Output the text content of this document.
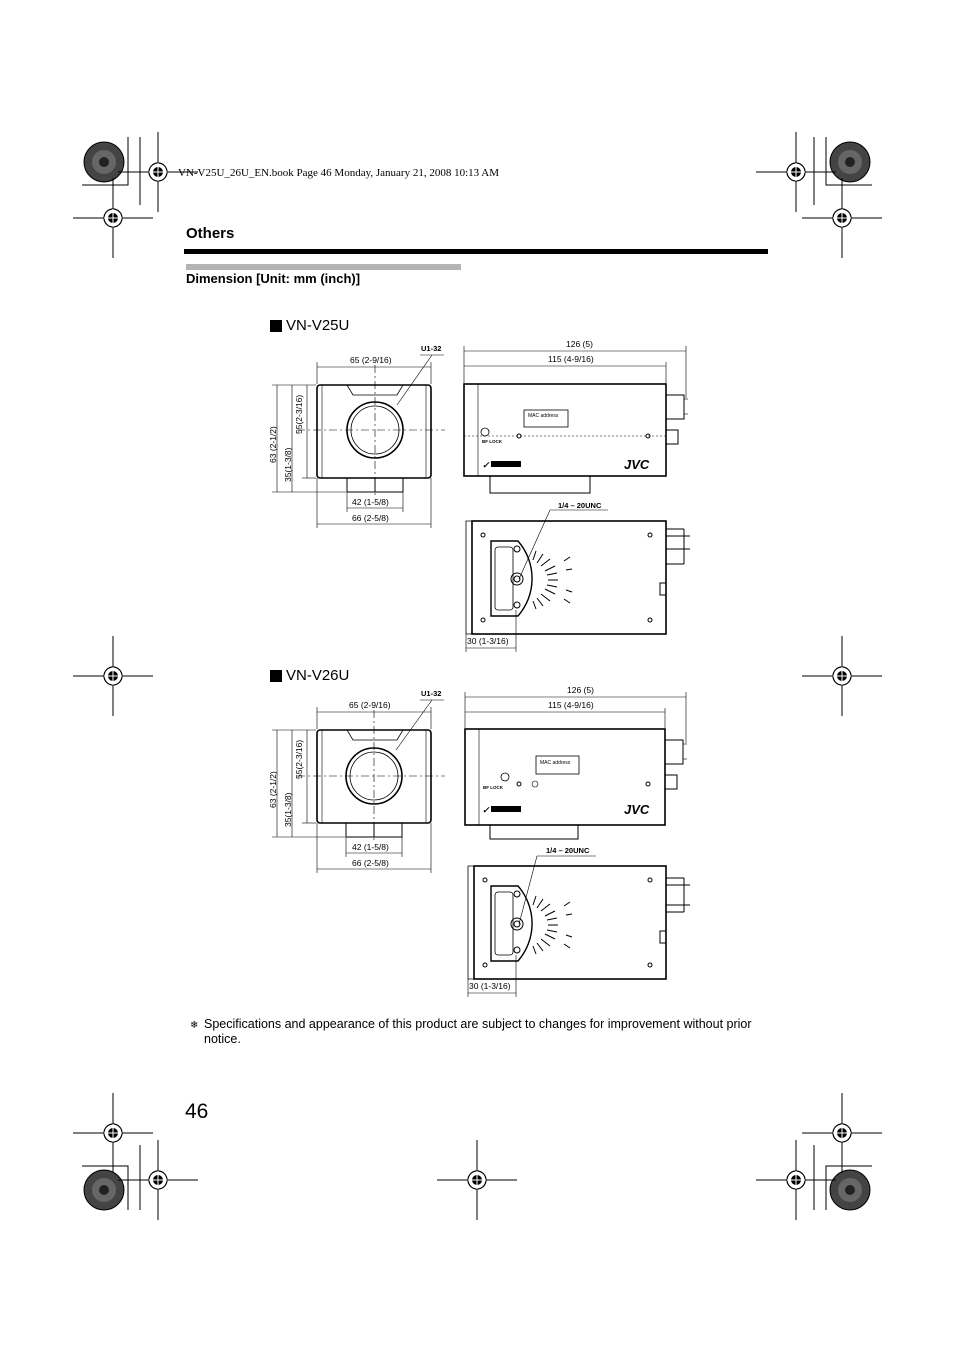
VN-V25U_26U_EN.book Page 46 Monday, January 21, 2008 10:13 AM
Others
Dimension [Unit: mm (inch)]
VN-V25U
VN-V26U
65 (2-9/16)
U1-32
42 (1-5/8)
66 (2-5/8)
63 (2-1/2)
35(1-3/8)
55(2-3/16)
126 (5)
115 (4-9/16)
MAC address
BF LOCK
✓	JVC
1/4 – 20UNC
30 (1-3/16)
65 (2-9/16)
U1-32
42 (1-5/8)
66 (2-5/8)
63 (2-1/2)
35(1-3/8)
55(2-3/16)
126 (5)
115 (4-9/16)
MAC address
BF LOCK
✓	JVC
1/4 – 20UNC
30 (1-3/16)
❄ Specifications and appearance of this product are subject to changes for improvement without prior notice.
46
